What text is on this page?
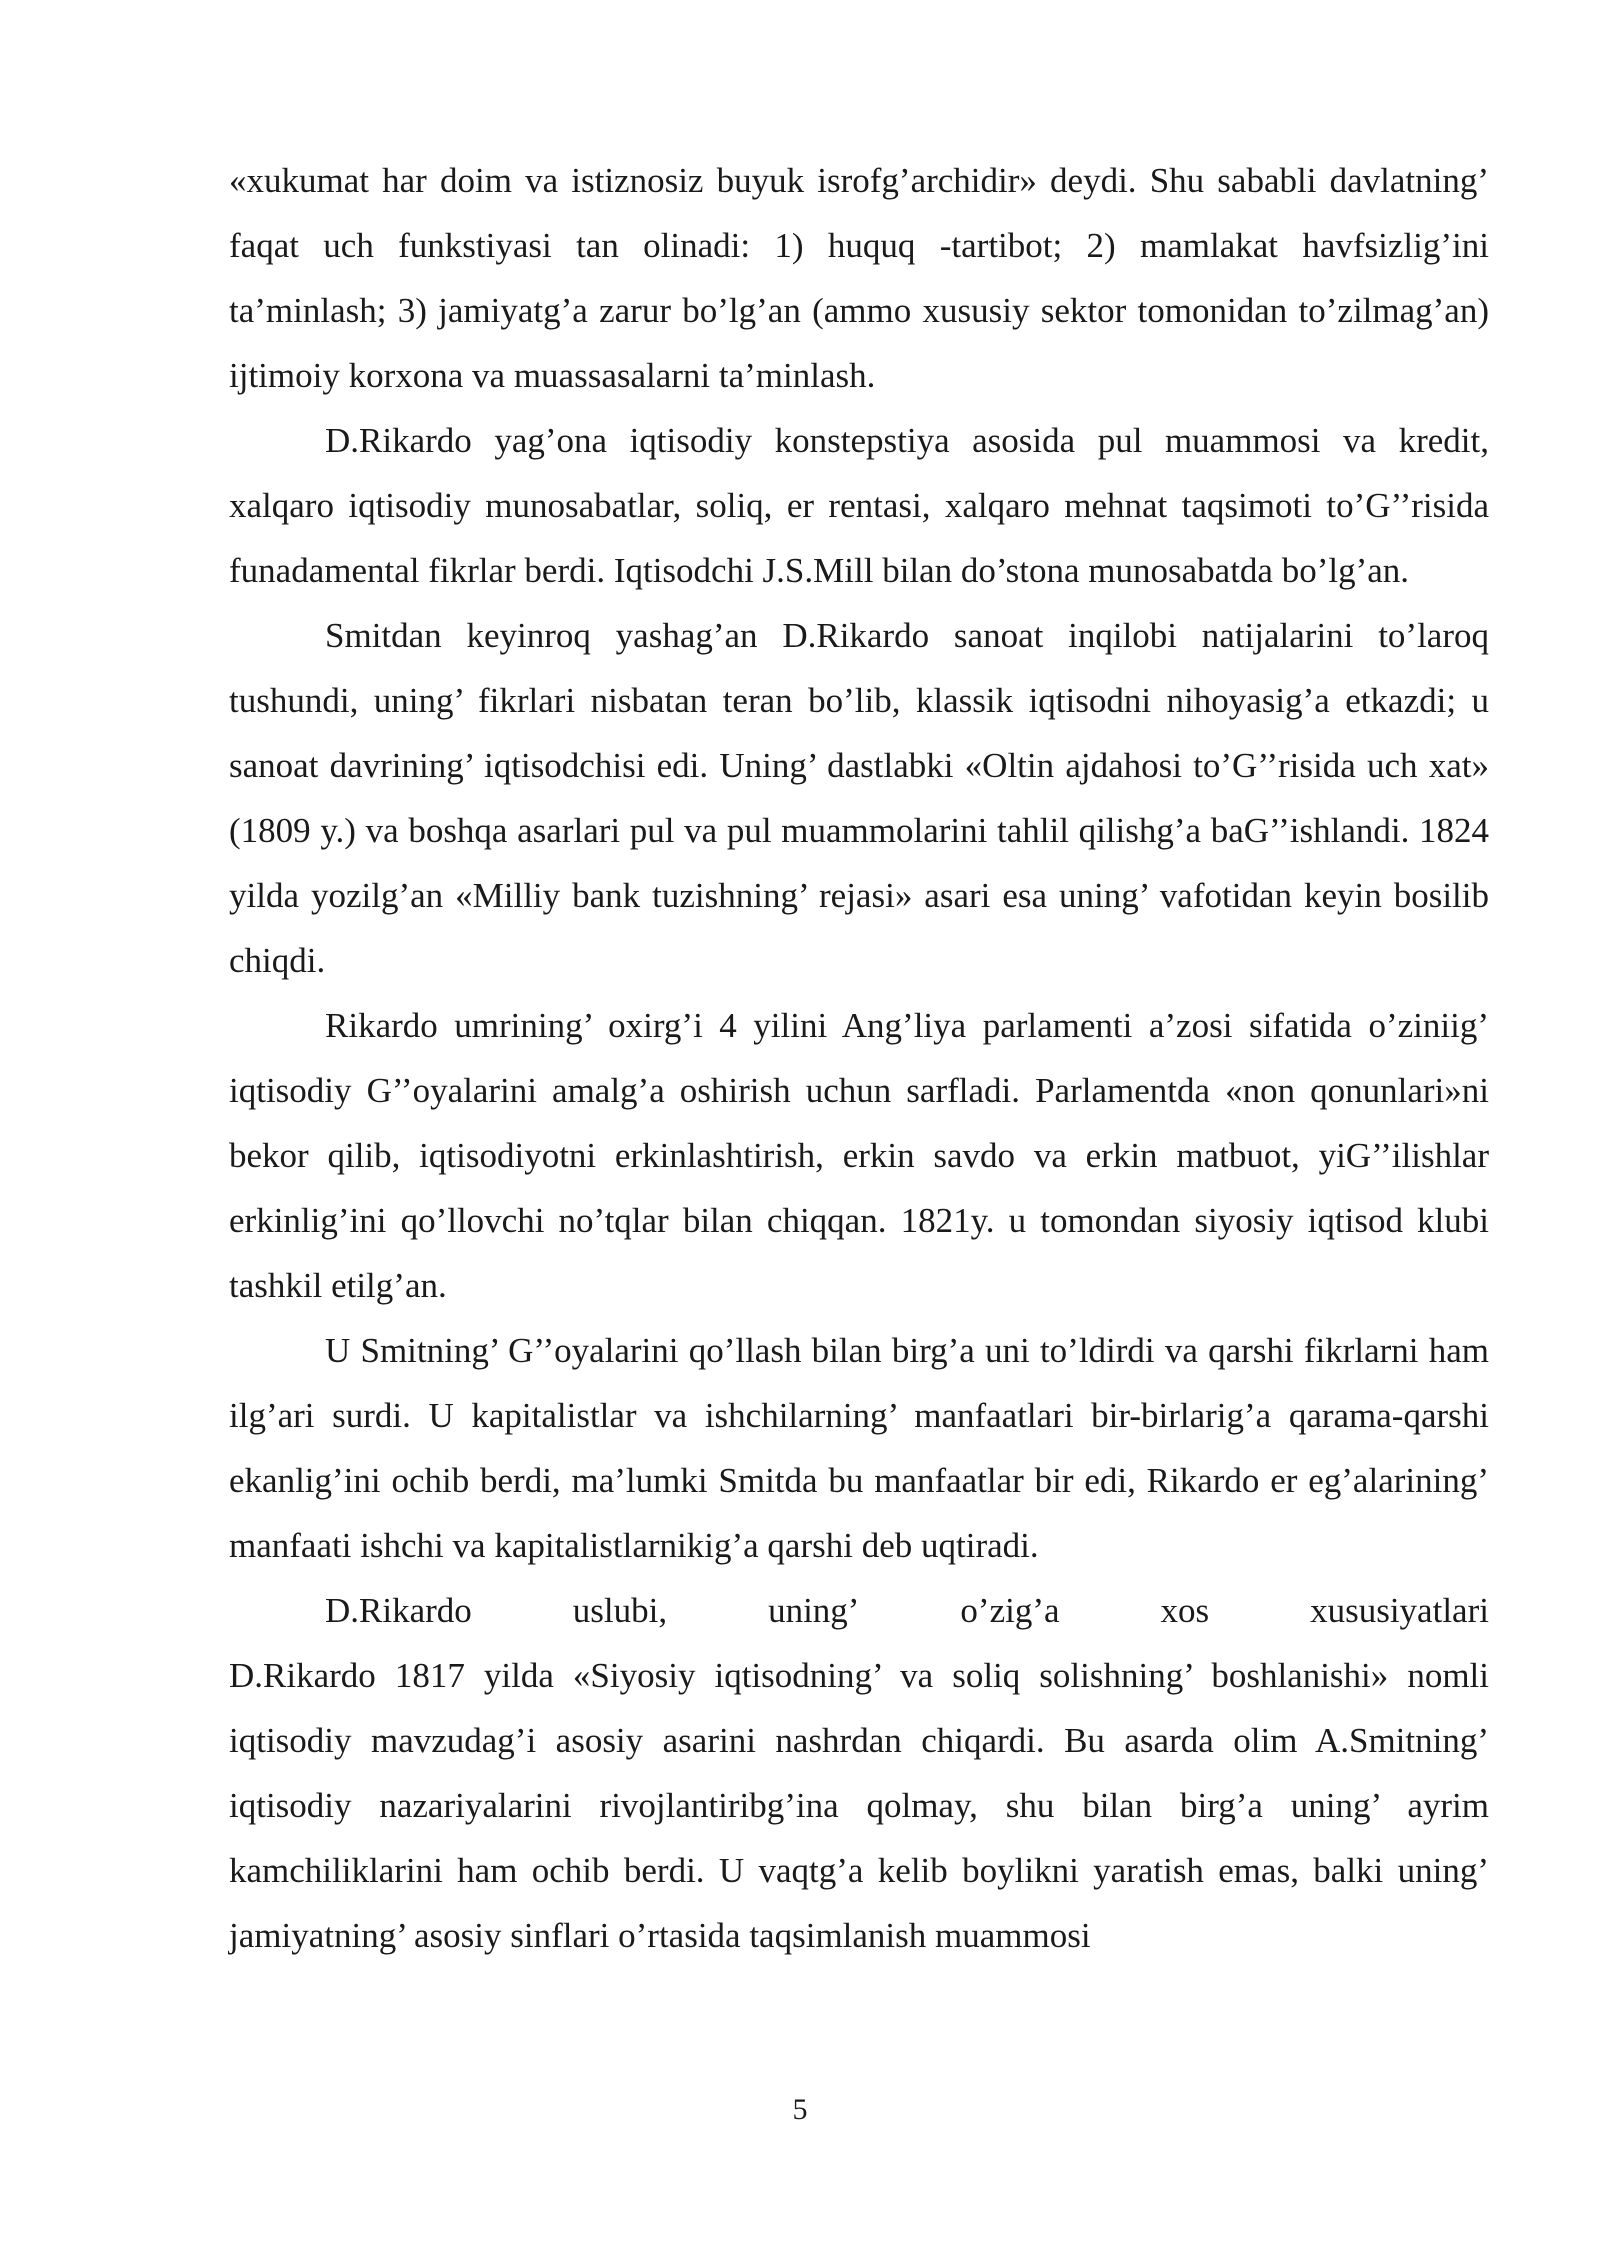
«xukumat har doim va istiznosiz buyuk isrofg’archidir» deydi. Shu sababli davlatning’ faqat uch funkstiyasi tan olinadi: 1) huquq -tartibot; 2) mamlakat havfsizlig’ini ta’minlash; 3) jamiyatg’a zarur bo’lg’an (ammo xususiy sektor tomonidan to’zilmag’an) ijtimoiy korxona va muassasalarni ta’minlash.

D.Rikardo yag’ona iqtisodiy konstepstiya asosida pul muammosi va kredit, xalqaro iqtisodiy munosabatlar, soliq, er rentasi, xalqaro mehnat taqsimoti to’G’’risida funadamental fikrlar berdi. Iqtisodchi J.S.Mill bilan do’stona munosabatda bo’lg’an.

Smitdan keyinroq yashag’an D.Rikardo sanoat inqilobi natijalarini to’laroq tushundi, uning’ fikrlari nisbatan teran bo’lib, klassik iqtisodni nihoyasig’a etkazdi; u sanoat davrining’ iqtisodchisi edi. Uning’ dastlabki «Oltin ajdahosi to’G’’risida uch xat» (1809 y.) va boshqa asarlari pul va pul muammolarini tahlil qilishg’a baG’’ishlandi. 1824 yilda yozilg’an «Milliy bank tuzishning’ rejasi» asari esa uning’ vafotidan keyin bosilib chiqdi.

Rikardo umrining’ oxirg’i 4 yilini Ang’liya parlamenti a’zosi sifatida o’ziniig’ iqtisodiy G’’oyalarini amalg’a oshirish uchun sarfladi. Parlamentda «non qonunlari»ni bekor qilib, iqtisodiyotni erkinlashtirish, erkin savdo va erkin matbuot, yiG’’ilishlar erkinlig’ini qo’llovchi no’tqlar bilan chiqqan. 1821y. u tomondan siyosiy iqtisod klubi tashkil etilg’an.

U Smitning’ G’’oyalarini qo’llash bilan birg’a uni to’ldirdi va qarshi fikrlarni ham ilg’ari surdi. U kapitalistlar va ishchilarning’ manfaatlari bir-birlarig’a qarama-qarshi ekanlig’ini ochib berdi, ma’lumki Smitda bu manfaatlar bir edi, Rikardo er eg’alarining’ manfaati ishchi va kapitalistlarnikig’a qarshi deb uqtiradi.

D.Rikardo	uslubi,	uning’	o’zig’a	xos	xususiyatlari

D.Rikardo 1817 yilda «Siyosiy iqtisodning’ va soliq solishning’ boshlanishi» nomli iqtisodiy mavzudag’i asosiy asarini nashrdan chiqardi. Bu asarda olim A.Smitning’ iqtisodiy nazariyalarini rivojlantiribg’ina qolmay, shu bilan birg’a uning’ ayrim kamchiliklarini ham ochib berdi. U vaqtg’a kelib boylikni yaratish emas, balki uning’ jamiyatning’ asosiy sinflari o’rtasida taqsimlanish muammosi

5
